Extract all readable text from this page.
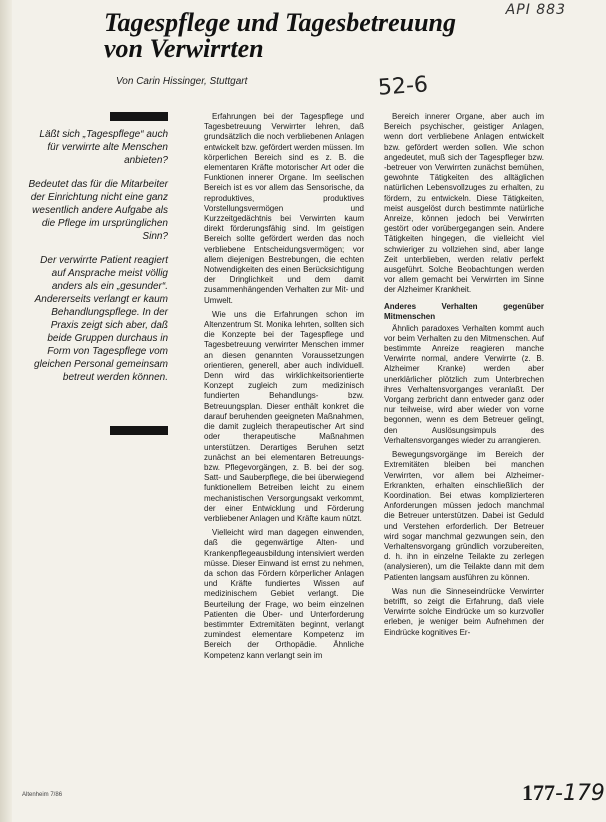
API 883
Tagespflege und Tagesbetreuung
von Verwirrten
Von Carin Hissinger, Stuttgart	52-6

Läßt sich „Tagespflege“ auch für verwirrte alte Menschen anbieten?

Bedeutet das für die Mitarbeiter der Einrichtung nicht eine ganz wesentlich andere Aufgabe als die Pflege im ursprünglichen Sinn?

Der verwirrte Patient reagiert auf Ansprache meist völlig anders als ein „gesunder“. Andererseits verlangt er kaum Behandlungspflege. In der Praxis zeigt sich aber, daß beide Gruppen durchaus in Form von Tagespflege vom gleichen Personal gemeinsam betreut werden können.

Erfahrungen bei der Tagespflege und Tagesbetreuung Verwirrter lehren, daß grundsätzlich die noch verbliebenen Anlagen entwickelt bzw. gefördert werden müssen. Im körperlichen Bereich sind es z. B. die elementaren Kräfte motorischer Art oder die Funktionen innerer Organe. Im seelischen Bereich ist es vor allem das Sensorische, da reproduktives, produktives Vorstellungsvermögen und Kurzzeitgedächtnis bei Verwirrten kaum direkt förderungsfähig sind. Im geistigen Bereich sollte gefördert werden das noch verbliebene Entscheidungsvermögen; vor allem diejenigen Bestrebungen, die echten Notwendigkeiten des einen Berücksichtigung der Dringlichkeit und dem damit zusammenhängenden Verhalten zur Mit- und Umwelt.

Wie uns die Erfahrungen schon im Altenzentrum St. Monika lehrten, sollten sich die Konzepte bei der Tagespflege und Tagesbetreuung verwirrter Menschen immer an diesen genannten Voraussetzungen orientieren, generell, aber auch individuell. Denn wird das wirklichkeitsorientierte Konzept zugleich zum medizinisch fundierten Behandlungs- bzw. Betreuungsplan. Dieser enthält konkret die darauf beruhenden geeigneten Maßnahmen, die damit zugleich therapeutischer Art sind oder therapeutische Maßnahmen unterstützen. Derartiges Beruhen setzt zunächst an bei elementaren Betreuungs- bzw. Pflegevorgängen, z. B. bei der sog. Satt- und Sauberpflege, die bei überwiegend funktionellem Betreiben leicht zu einem mechanistischen Versorgungsakt verkommt, der einer Entwicklung und Förderung verbliebener Anlagen und Kräfte kaum nützt.

Vielleicht wird man dagegen einwenden, daß die gegenwärtige Alten- und Krankenpflegeausbildung intensiviert werden müsse. Dieser Einwand ist ernst zu nehmen, da schon das Fördern körperlicher Anlagen und Kräfte fundiertes Wissen auf medizinischem Gebiet verlangt. Die Beurteilung der Frage, wo beim einzelnen Patienten die Über- und Unterforderung bestimmter Extremitäten beginnt, verlangt zumindest elementare Kompetenz im Bereich der Orthopädie. Ähnliche Kompetenz kann verlangt sein im

Bereich innerer Organe, aber auch im Bereich psychischer, geistiger Anlagen, wenn dort verbliebene Anlagen entwickelt bzw. gefördert werden sollen. Wie schon angedeutet, muß sich der Tagespfleger bzw. -betreuer von Verwirrten zunächst bemühen, gewohnte Tätigkeiten des alltäglichen natürlichen Lebensvollzuges zu erhalten, zu fördern, zu entwickeln. Diese Tätigkeiten, meist ausgelöst durch bestimmte natürliche Anreize, können jedoch bei Verwirrten gestört oder vorübergegangen sein. Andere Tätigkeiten hingegen, die vielleicht viel schwieriger zu vollziehen sind, aber lange Zeit unterblieben, werden relativ perfekt ausgeführt. Solche Beobachtungen werden vor allem gemacht bei Verwirrten im Sinne der Alzheimer Krankheit.

Anderes Verhalten gegenüber Mitmenschen

Ähnlich paradoxes Verhalten kommt auch vor beim Verhalten zu den Mitmenschen. Auf bestimmte Anreize reagieren manche Verwirrte normal, andere Verwirrte (z. B. Alzheimer Kranke) werden aber unerklärlicher plötzlich zum Unterbrechen ihres Verhaltensvorganges veranlaßt. Der Vorgang zerbricht dann entweder ganz oder nur teilweise, wird aber wieder von vorne begonnen, wenn es dem Betreuer gelingt, den Auslösungsimpuls des Verhaltensvorganges wieder zu arrangieren.

Bewegungsvorgänge im Bereich der Extremitäten bleiben bei manchen Verwirrten, vor allem bei Alzheimer-Erkrankten, erhalten einschließlich der Koordination. Bei etwas komplizierteren Anforderungen müssen jedoch manchmal die Betreuer unterstützen. Dabei ist Geduld und Verstehen erforderlich. Der Betreuer wird sogar manchmal gezwungen sein, den Verhaltensvorgang gründlich vorzubereiten, d. h. ihn in einzelne Teilakte zu zerlegen (analysieren), um die Teilakte dann mit dem Patienten langsam ausführen zu können.

Was nun die Sinneseindrücke Verwirrter betrifft, so zeigt die Erfahrung, daß viele Verwirrte solche Eindrücke um so kurzvoller erleben, je weniger beim Aufnehmen der Eindrücke kognitives Er-

Altenheim 7/86	177-179
